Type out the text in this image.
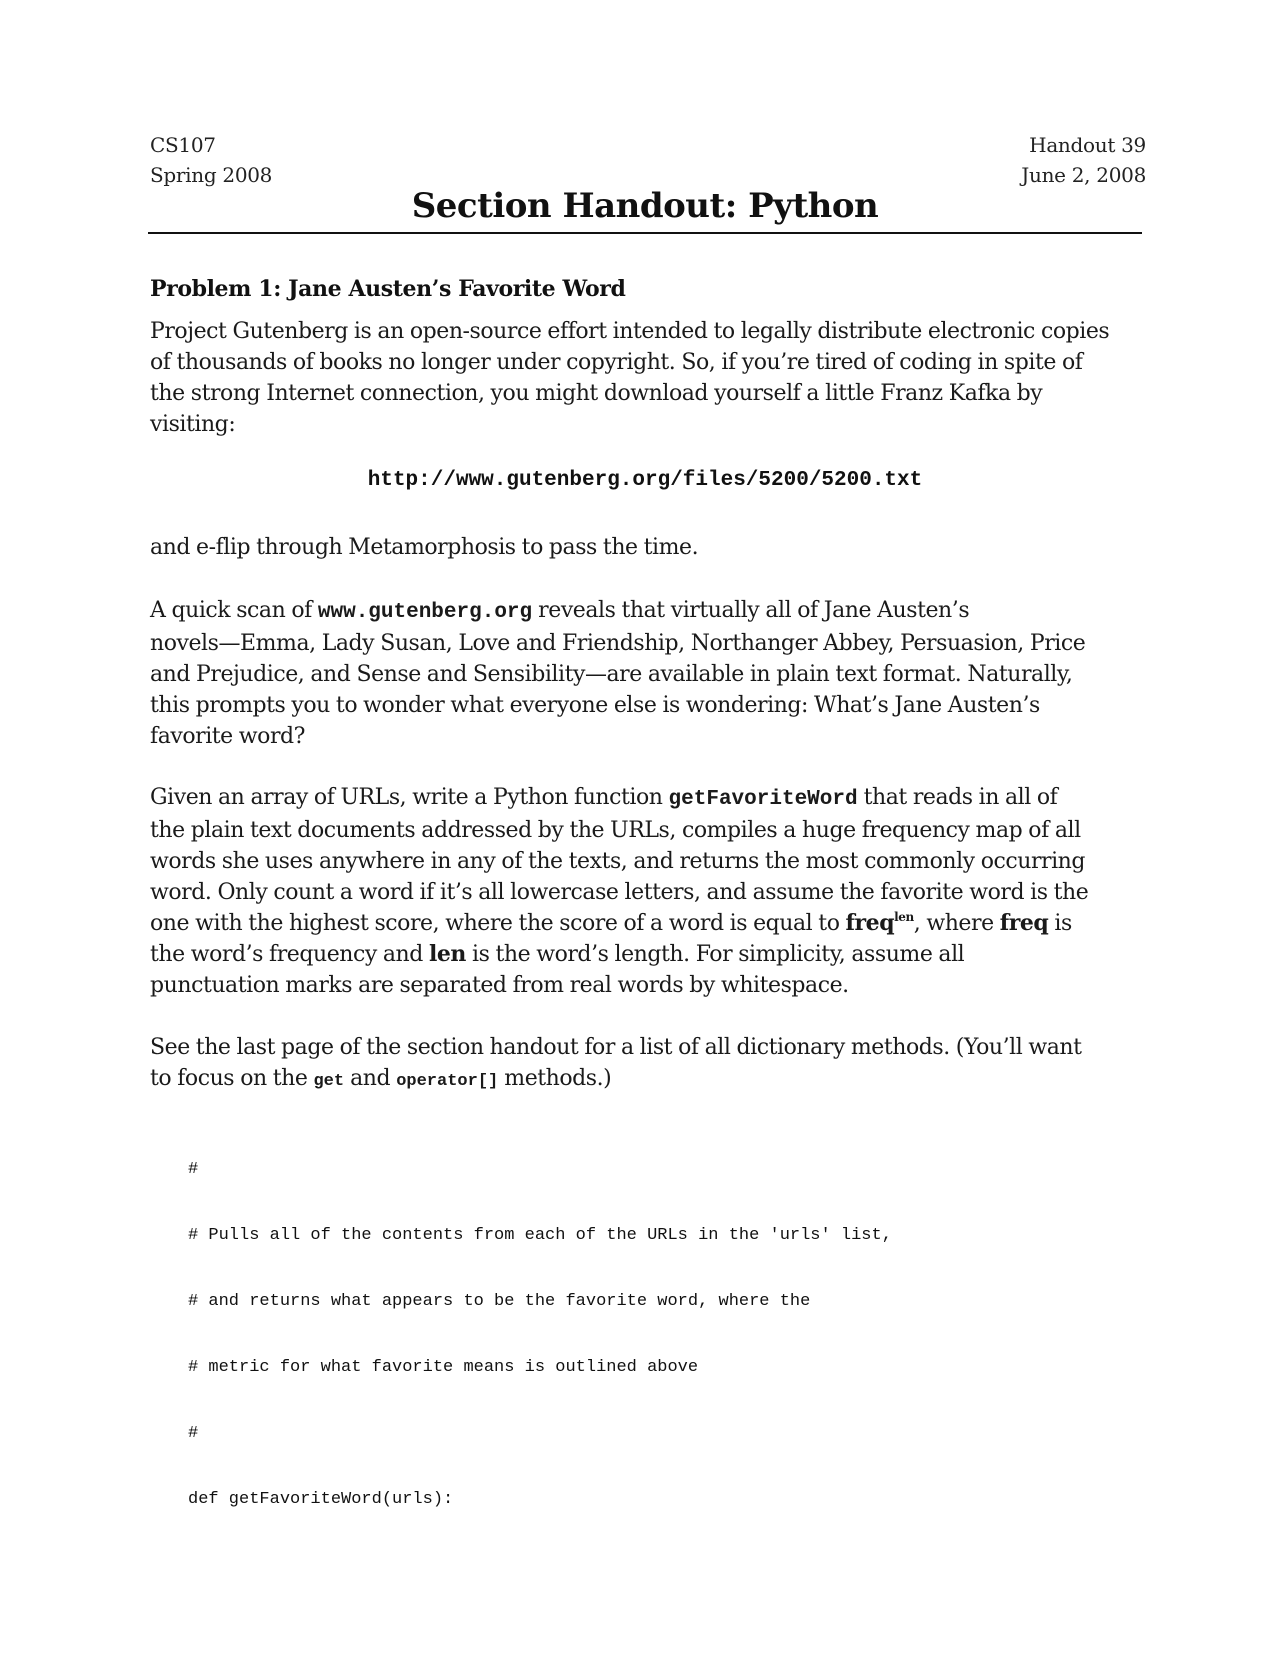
CS107
Spring 2008
Handout 39
June 2, 2008
Section Handout: Python
Problem 1: Jane Austen’s Favorite Word
Project Gutenberg is an open-source effort intended to legally distribute electronic copies
of thousands of books no longer under copyright. So, if you’re tired of coding in spite of
the strong Internet connection, you might download yourself a little Franz Kafka by
visiting:
http://www.gutenberg.org/files/5200/5200.txt
and e-flip through Metamorphosis to pass the time.
A quick scan of www.gutenberg.org reveals that virtually all of Jane Austen’s
novels—Emma, Lady Susan, Love and Friendship, Northanger Abbey, Persuasion, Price
and Prejudice, and Sense and Sensibility—are available in plain text format. Naturally,
this prompts you to wonder what everyone else is wondering: What’s Jane Austen’s
favorite word?
Given an array of URLs, write a Python function getFavoriteWord that reads in all of
the plain text documents addressed by the URLs, compiles a huge frequency map of all
words she uses anywhere in any of the texts, and returns the most commonly occurring
word. Only count a word if it’s all lowercase letters, and assume the favorite word is the
one with the highest score, where the score of a word is equal to freq$^{len}$, where freq is
the word’s frequency and len is the word’s length. For simplicity, assume all
punctuation marks are separated from real words by whitespace.
See the last page of the section handout for a list of all dictionary methods. (You’ll want
to focus on the get and operator[] methods.)

#

# Pulls all of the contents from each of the URLs in the 'urls' list,

# and returns what appears to be the favorite word, where the

# metric for what favorite means is outlined above

#

def getFavoriteWord(urls):
